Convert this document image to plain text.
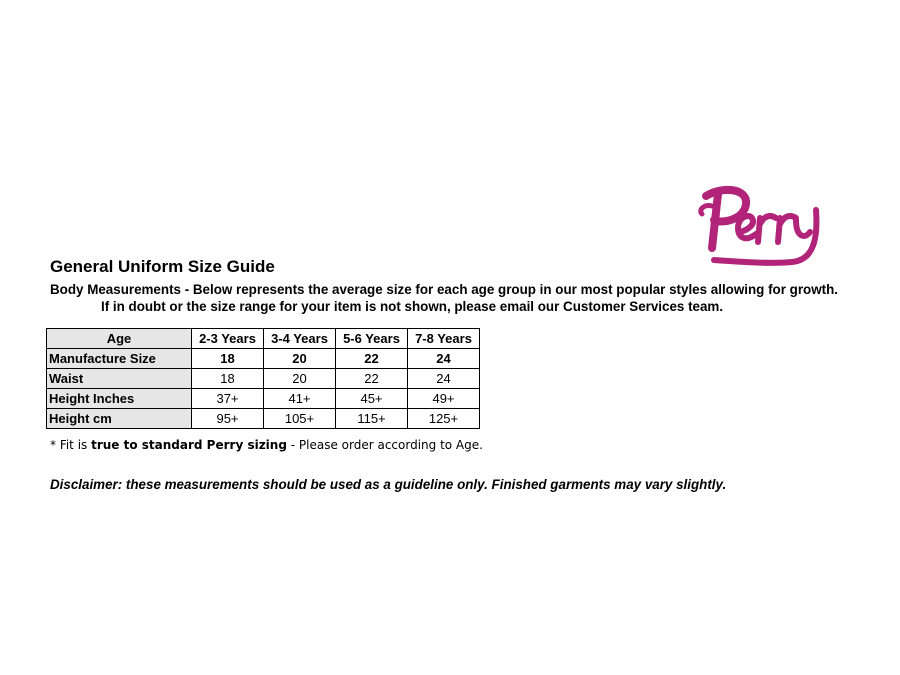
General Uniform Size Guide
Body Measurements - Below represents the average size for each age group in our most popular styles allowing for growth.
If in doubt or the size range for your item is not shown, please email our Customer Services team.
Age	2-3 Years	3-4 Years	5-6 Years	7-8 Years
Manufacture Size	18	20	22	24
Waist	18	20	22	24
Height Inches	37+	41+	45+	49+
Height cm	95+	105+	115+	125+
* Fit is true to standard Perry sizing - Please order according to Age.
Disclaimer: these measurements should be used as a guideline only. Finished garments may vary slightly.
